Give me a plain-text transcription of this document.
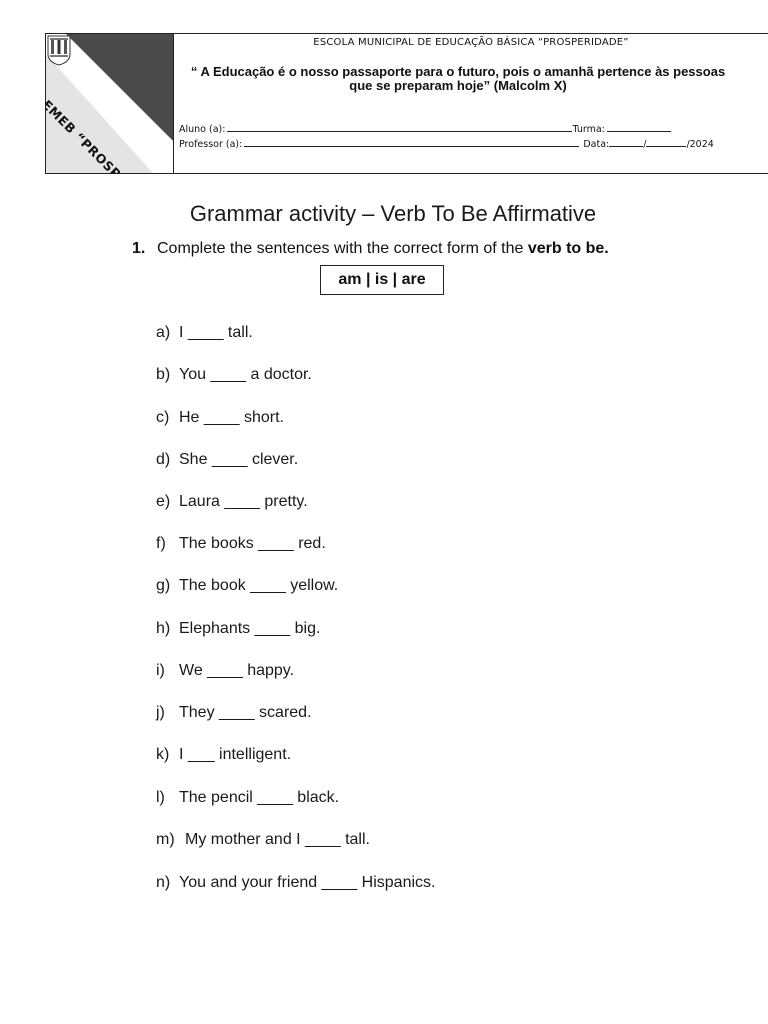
EMEB
ESCOLA MUNICIPAL DE EDUCAÇÃO BÁSICA “PROSPERIDADE”
“ A Educação é o nosso passaporte para o futuro, pois o amanhã pertence às pessoas
que se preparam hoje” (Malcolm X)
Aluno (a):	Turma:
Professor (a):	Data:	/	/2024
Grammar activity – Verb To Be Affirmative
1. Complete the sentences with the correct form of the verb to be.
am | is | are
a) I ____ tall.
b) You ____ a doctor.
c) He ____ short.
d) She ____ clever.
e) Laura ____ pretty.
f) The books ____ red.
g) The book ____ yellow.
h) Elephants ____ big.
i) We ____ happy.
j) They ____ scared.
k) I ___ intelligent.
l) The pencil ____ black.
m) My mother and I ____ tall.
n) You and your friend ____ Hispanics.
